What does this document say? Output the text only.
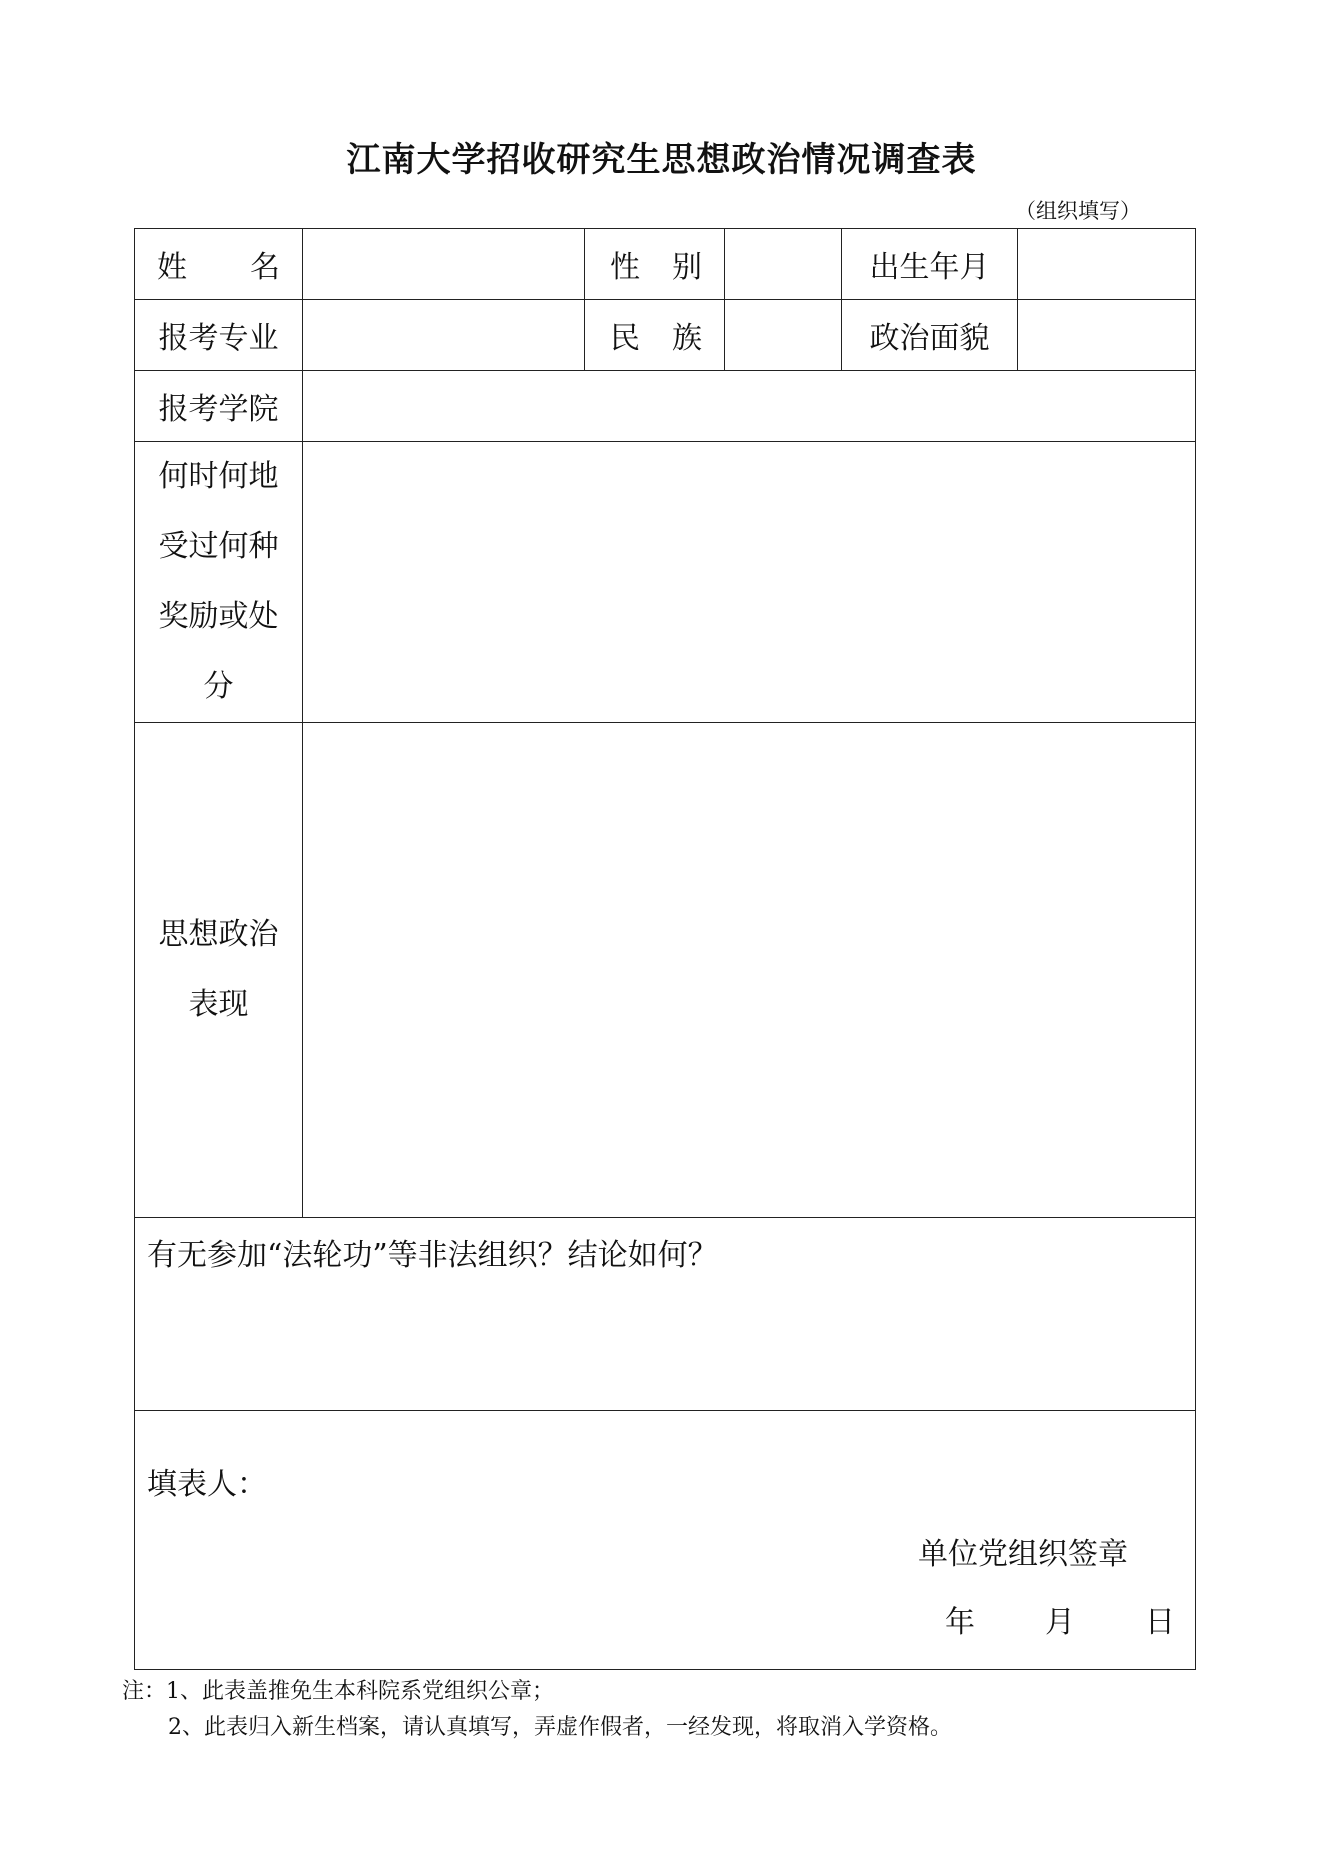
江南大学招收研究生思想政治情况调查表
（组织填写）
姓 名		性 别		出生年月	
报考专业		民 族		政治面貌	
报考学院					

何时何地
受过何种
奖励或处
分					

思想政治
表现					

有无参加“法轮功”等非法组织？结论如何？					

填表人：
单位党组织签章
年 月 日					
注：1、此表盖推免生本科院系党组织公章；
2、此表归入新生档案，请认真填写，弄虚作假者，一经发现，将取消入学资格。
